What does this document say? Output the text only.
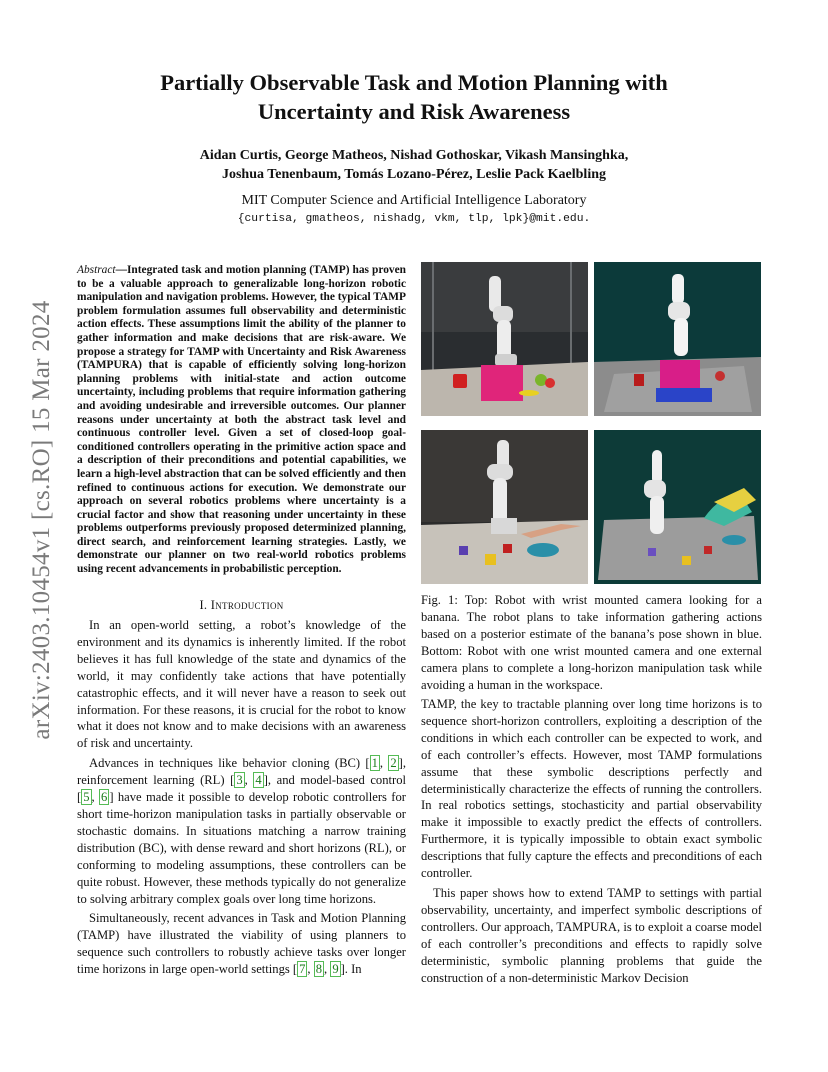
Partially Observable Task and Motion Planning with Uncertainty and Risk Awareness
Aidan Curtis, George Matheos, Nishad Gothoskar, Vikash Mansinghka,
Joshua Tenenbaum, Tomás Lozano-Pérez, Leslie Pack Kaelbling
MIT Computer Science and Artificial Intelligence Laboratory
{curtisa, gmatheos, nishadg, vkm, tlp, lpk}@mit.edu.
arXiv:2403.10454v1 [cs.RO] 15 Mar 2024
Abstract—Integrated task and motion planning (TAMP) has proven to be a valuable approach to generalizable long-horizon robotic manipulation and navigation problems. However, the typical TAMP problem formulation assumes full observability and deterministic action effects. These assumptions limit the ability of the planner to gather information and make decisions that are risk-aware. We propose a strategy for TAMP with Uncertainty and Risk Awareness (TAMPURA) that is capable of efficiently solving long-horizon planning problems with initial-state and action outcome uncertainty, including problems that require information gathering and avoiding undesirable and irreversible outcomes. Our planner reasons under uncertainty at both the abstract task level and continuous controller level. Given a set of closed-loop goal-conditioned controllers operating in the primitive action space and a description of their preconditions and potential capabilities, we learn a high-level abstraction that can be solved efficiently and then refined to continuous actions for execution. We demonstrate our approach on several robotics problems where uncertainty is a crucial factor and show that reasoning under uncertainty in these problems outperforms previously proposed determinized planning, direct search, and reinforcement learning strategies. Lastly, we demonstrate our planner on two real-world robotics problems using recent advancements in probabilistic perception.
I. Introduction

In an open-world setting, a robot’s knowledge of the environment and its dynamics is inherently limited. If the robot believes it has full knowledge of the state and dynamics of the world, it may confidently take actions that have potentially catastrophic effects, and it will never have a reason to seek out information. For these reasons, it is crucial for the robot to know what it does not know and to make decisions with an awareness of risk and uncertainty.

Advances in techniques like behavior cloning (BC) [ 1 , 2 ], reinforcement learning (RL) [ 3 , 4 ], and model-based control [ 5 , 6 ] have made it possible to develop robotic controllers for short time-horizon manipulation tasks in partially observable or stochastic domains. In situations matching a narrow training distribution (BC), with dense reward and short horizons (RL), or conforming to modeling assumptions, these controllers can be quite robust. However, these methods typically do not generalize to solving arbitrary complex goals over long time horizons.

Simultaneously, recent advances in Task and Motion Planning (TAMP) have illustrated the viability of using planners to sequence such controllers to robustly achieve tasks over longer time horizons in large open-world settings [ 7 , 8 , 9 ]. In

Fig. 1: Top: Robot with wrist mounted camera looking for a banana. The robot plans to take information gathering actions based on a posterior estimate of the banana’s pose shown in blue. Bottom: Robot with one wrist mounted camera and one external camera plans to complete a long-horizon manipulation task while avoiding a human in the workspace.

TAMP, the key to tractable planning over long time horizons is to sequence short-horizon controllers, exploiting a description of the conditions in which each controller can be expected to work, and of each controller’s effects. However, most TAMP formulations assume that these symbolic descriptions perfectly and deterministically characterize the effects of running the controllers. In real robotics settings, stochasticity and partial observability make it impossible to exactly predict the effects of controllers. Furthermore, it is typically impossible to obtain exact symbolic descriptions that fully capture the effects and preconditions of each controller.

This paper shows how to extend TAMP to settings with partial observability, uncertainty, and imperfect symbolic descriptions of controllers. Our approach, TAMPURA, is to exploit a coarse model of each controller’s preconditions and effects to rapidly solve deterministic, symbolic planning problems that guide the construction of a non-deterministic Markov Decision
